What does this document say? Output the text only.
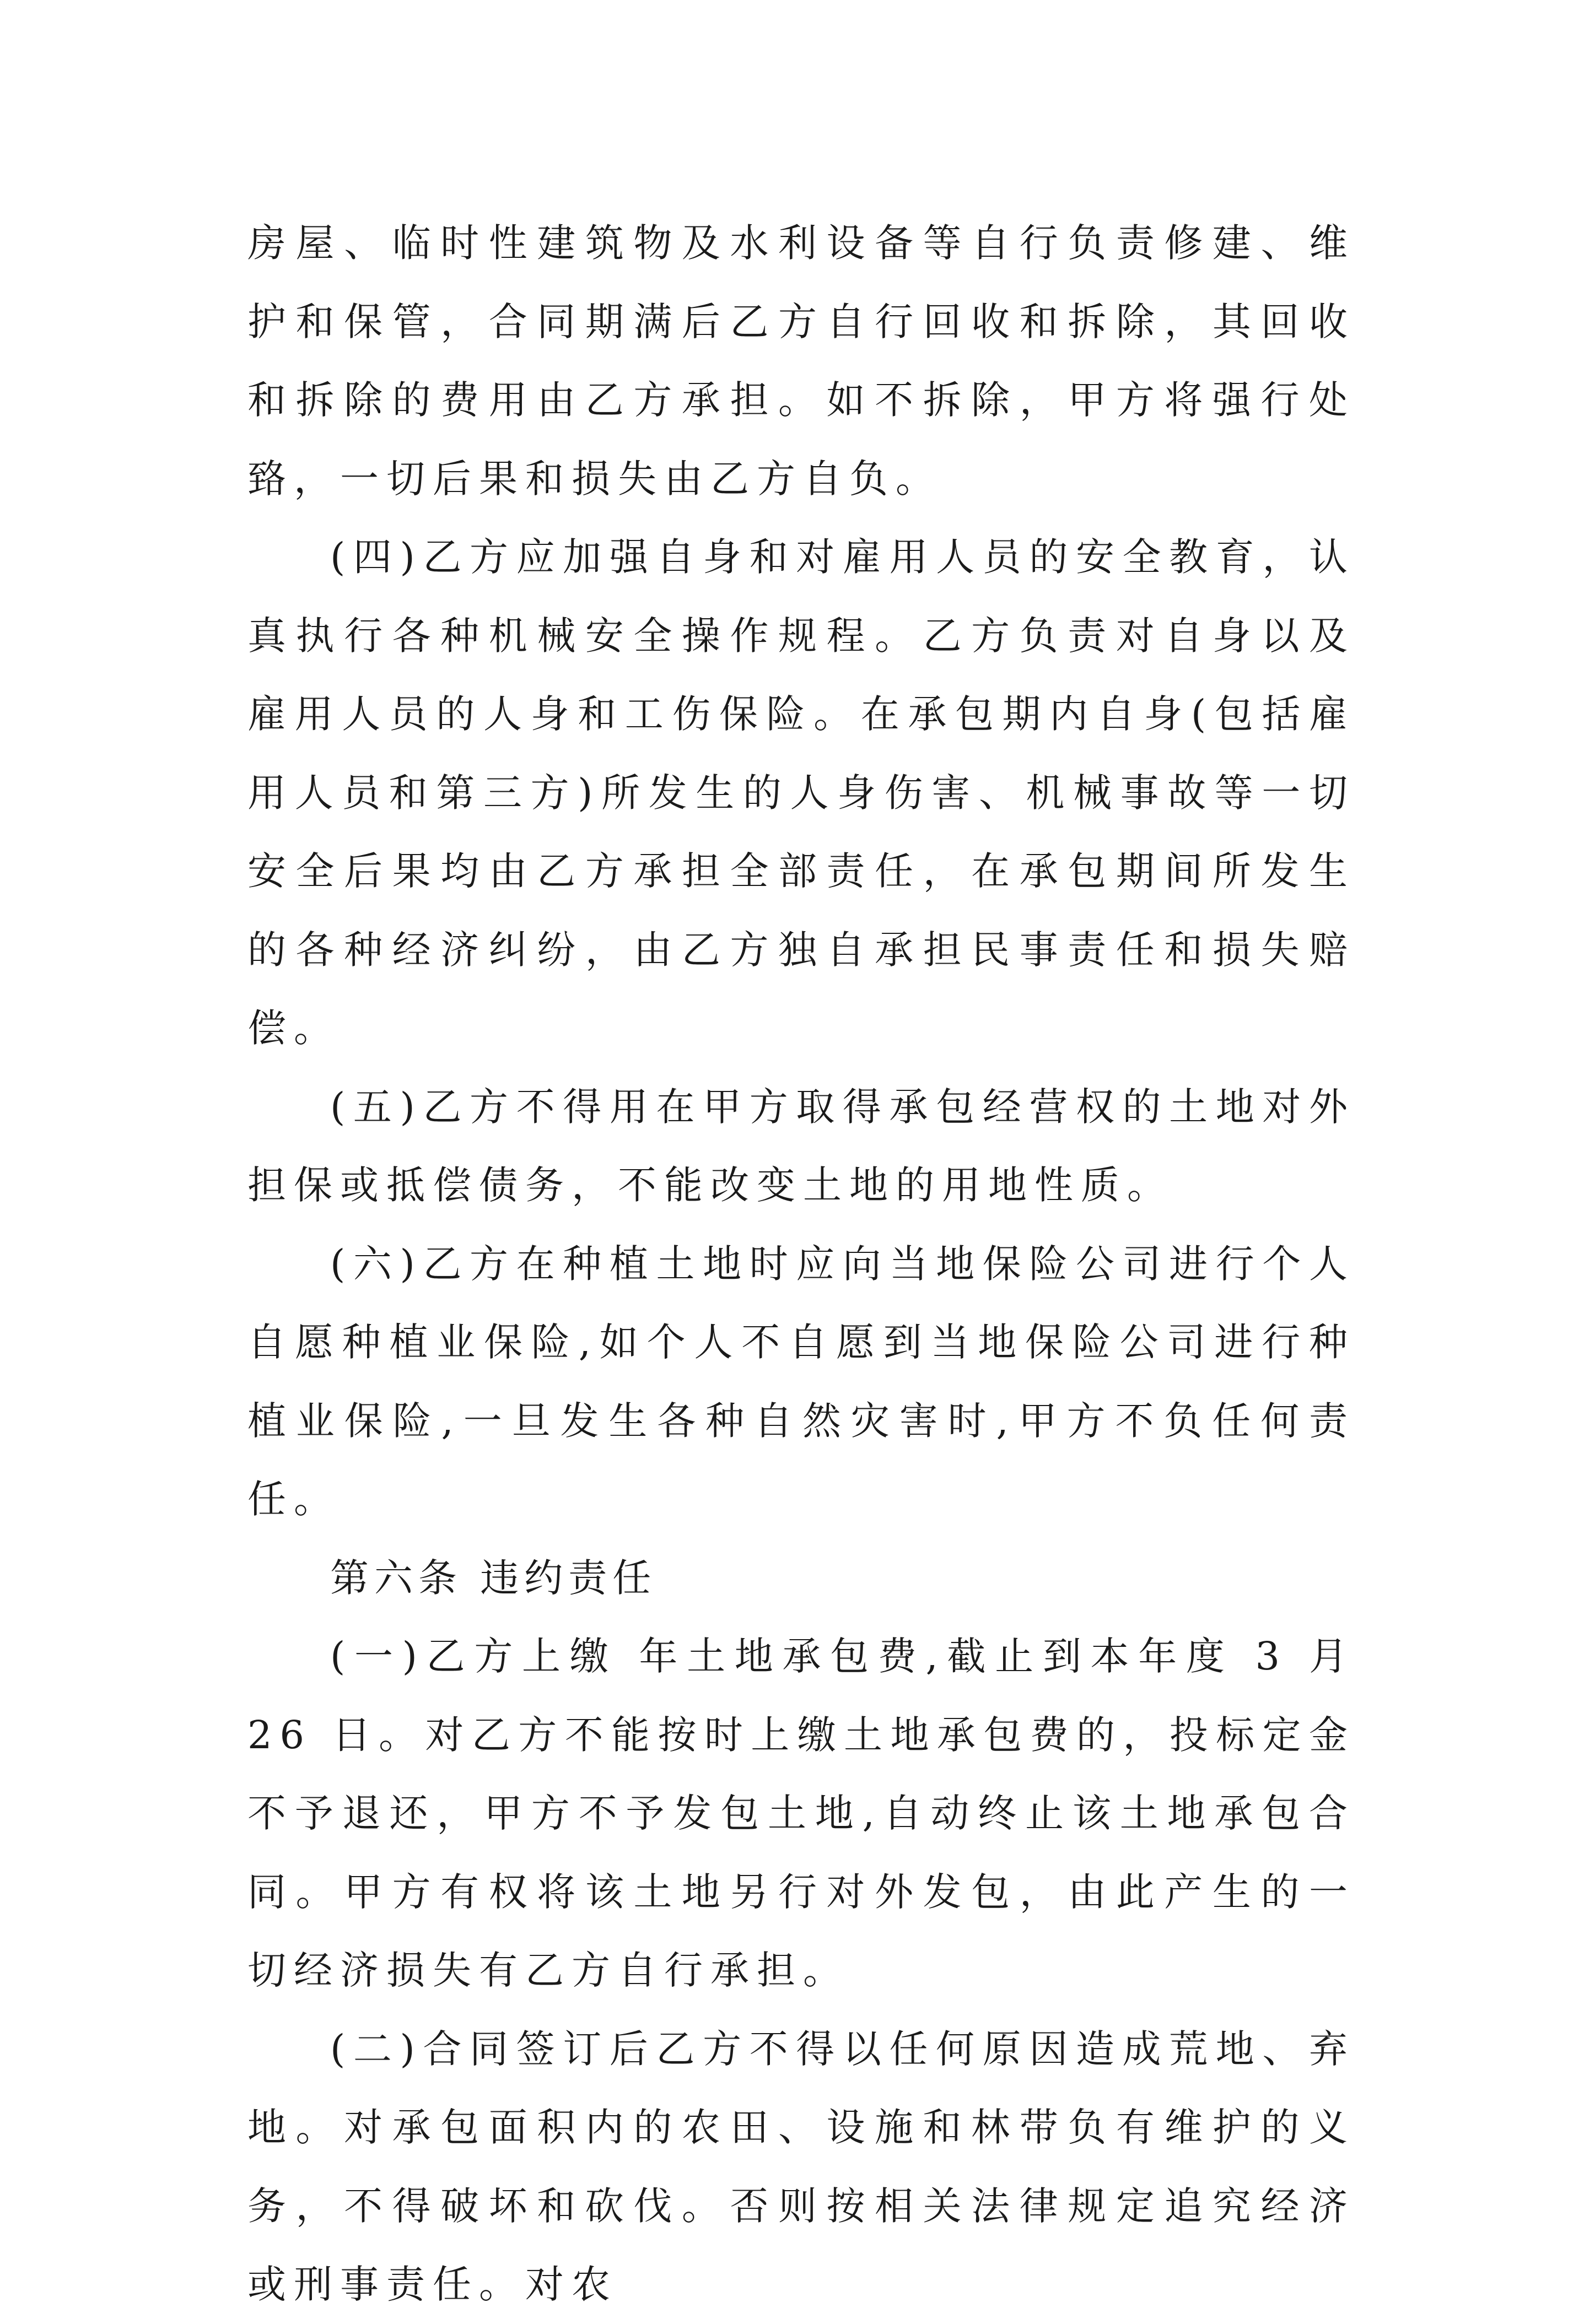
房屋、临时性建筑物及水利设备等自行负责修建、维护和保管，合同期满后乙方自行回收和拆除，其回收和拆除的费用由乙方承担。如不拆除，甲方将强行处臵，一切后果和损失由乙方自负。

(四)乙方应加强自身和对雇用人员的安全教育，认真执行各种机械安全操作规程。乙方负责对自身以及雇用人员的人身和工伤保险。在承包期内自身(包括雇用人员和第三方)所发生的人身伤害、机械事故等一切安全后果均由乙方承担全部责任，在承包期间所发生的各种经济纠纷，由乙方独自承担民事责任和损失赔偿。

(五)乙方不得用在甲方取得承包经营权的土地对外担保或抵偿债务，不能改变土地的用地性质。

(六)乙方在种植土地时应向当地保险公司进行个人自愿种植业保险,如个人不自愿到当地保险公司进行种植业保险,一旦发生各种自然灾害时,甲方不负任何责任。

第六条 违约责任

(一)乙方上缴 年土地承包费,截止到本年度 3 月 26 日。对乙方不能按时上缴土地承包费的，投标定金不予退还，甲方不予发包土地,自动终止该土地承包合同。甲方有权将该土地另行对外发包，由此产生的一切经济损失有乙方自行承担。

(二)合同签订后乙方不得以任何原因造成荒地、弃地。对承包面积内的农田、设施和林带负有维护的义务，不得破坏和砍伐。否则按相关法律规定追究经济或刑事责任。对农
